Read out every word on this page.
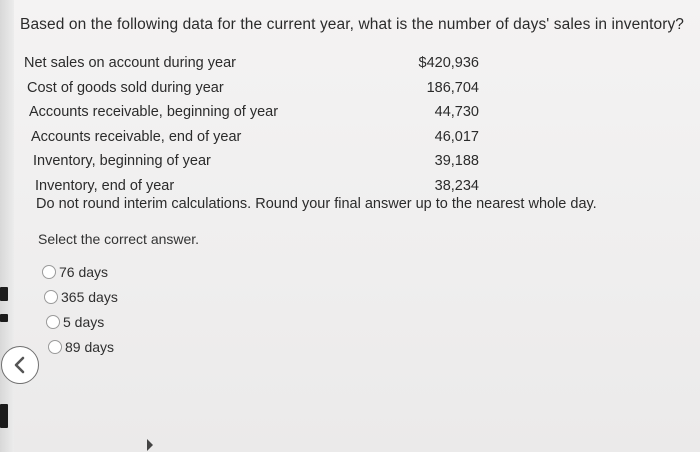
Based on the following data for the current year, what is the number of days' sales in inventory?
Net sales on account during year	$420,936
Cost of goods sold during year	186,704
Accounts receivable, beginning of year	44,730
Accounts receivable, end of year	46,017
Inventory, beginning of year	39,188
Inventory, end of year	38,234
Do not round interim calculations. Round your final answer up to the nearest whole day.
Select the correct answer.
76 days
365 days
5 days
89 days
